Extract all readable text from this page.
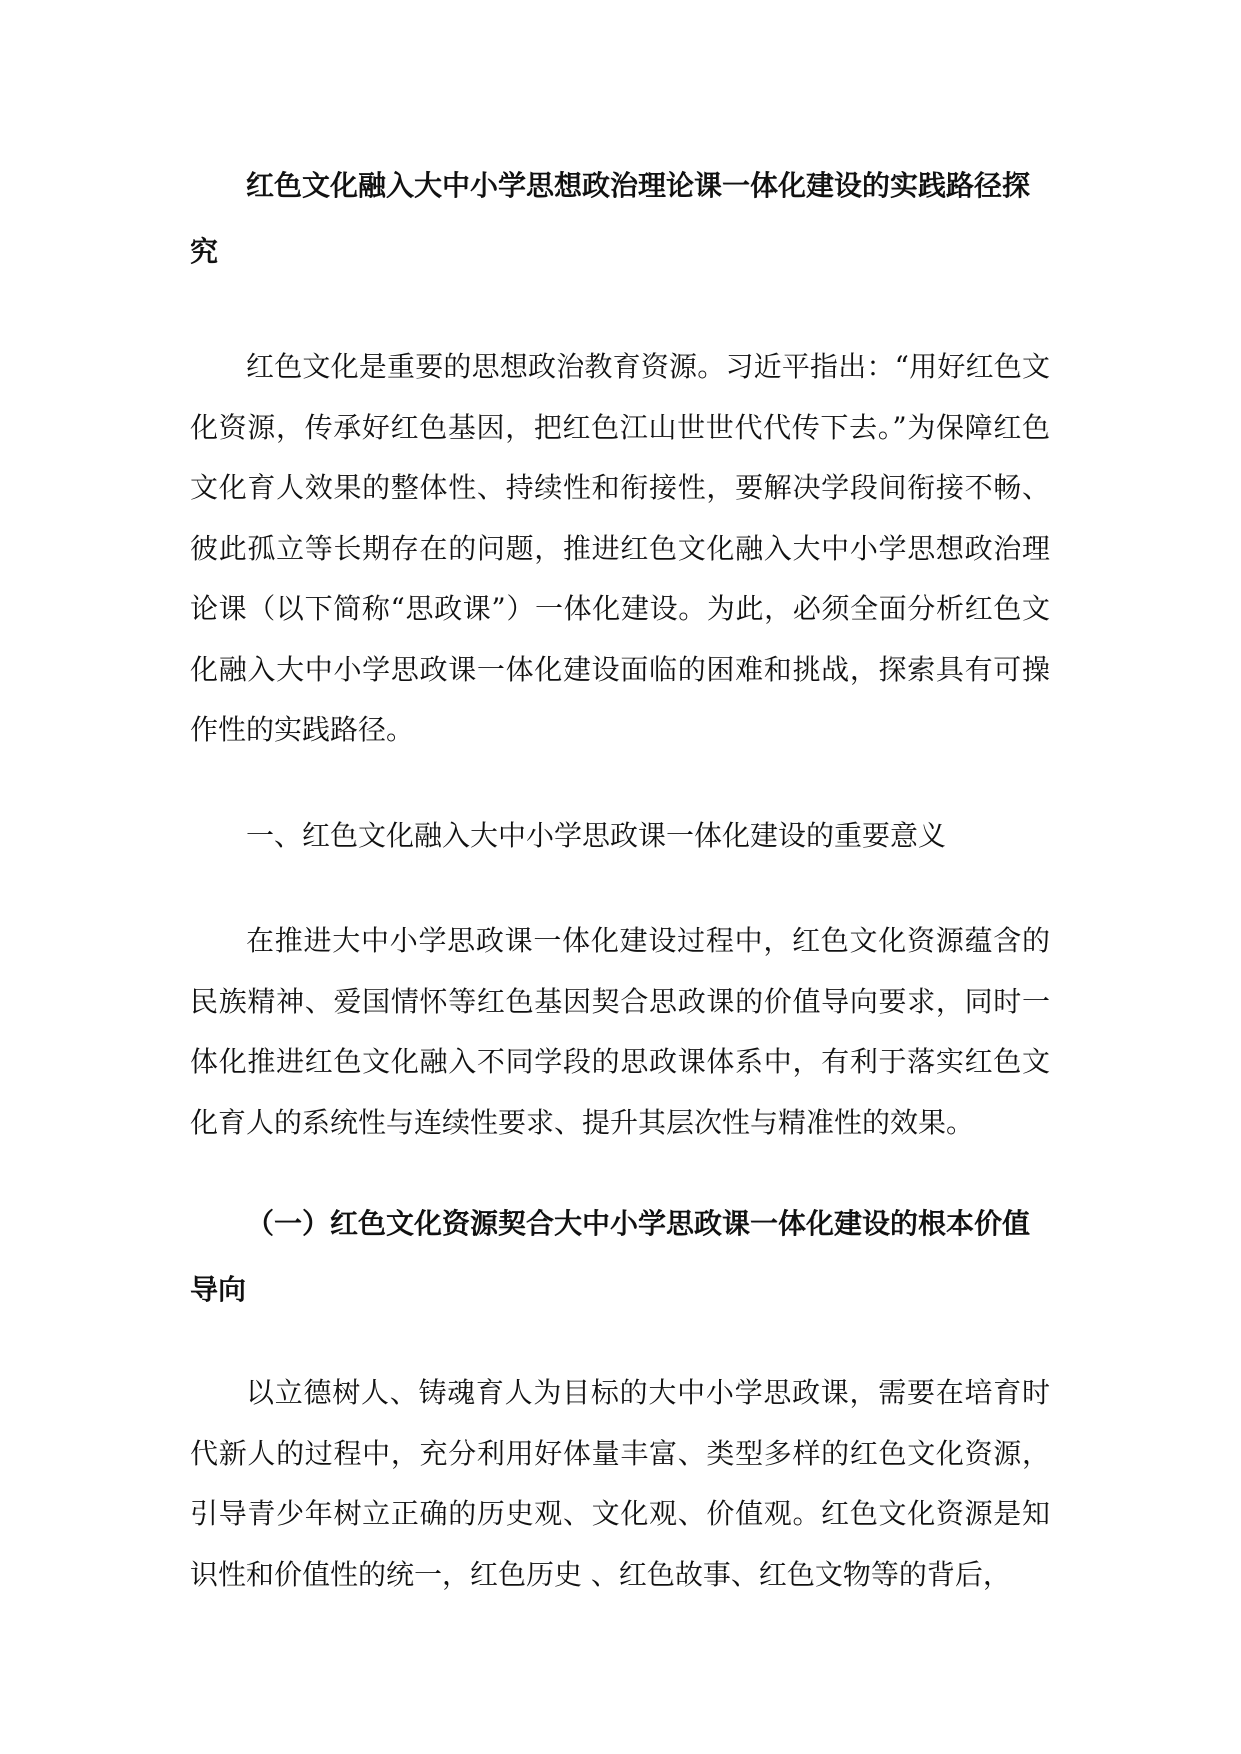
红色文化融入大中小学思想政治理论课一体化建设的实践路径探究

红色文化是重要的思想政治教育资源。习近平指出：“用好红色文化资源，传承好红色基因，把红色江山世世代代传下去。”为保障红色文化育人效果的整体性、持续性和衔接性，要解决学段间衔接不畅、彼此孤立等长期存在的问题，推进红色文化融入大中小学思想政治理论课（以下简称“思政课”）一体化建设。为此，必须全面分析红色文化融入大中小学思政课一体化建设面临的困难和挑战，探索具有可操作性的实践路径。

一、红色文化融入大中小学思政课一体化建设的重要意义

在推进大中小学思政课一体化建设过程中，红色文化资源蕴含的民族精神、爱国情怀等红色基因契合思政课的价值导向要求，同时一体化推进红色文化融入不同学段的思政课体系中，有利于落实红色文化育人的系统性与连续性要求、提升其层次性与精准性的效果。

（一）红色文化资源契合大中小学思政课一体化建设的根本价值导向

以立德树人、铸魂育人为目标的大中小学思政课，需要在培育时代新人的过程中，充分利用好体量丰富、类型多样的红色文化资源，引导青少年树立正确的历史观、文化观、价值观。红色文化资源是知识性和价值性的统一，红色历史 、红色故事、红色文物等的背后，
